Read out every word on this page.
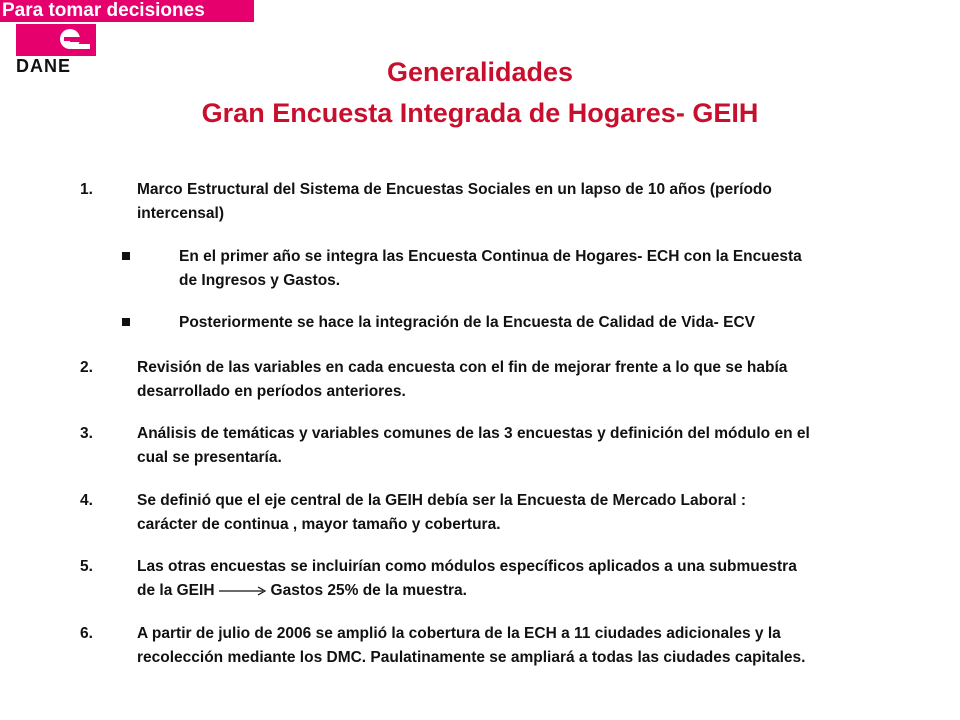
Para tomar decisiones
DANE	Generalidades
Gran Encuesta Integrada de Hogares- GEIH
1.	Marco Estructural del Sistema de Encuestas Sociales en un lapso de 10 años (período
intercensal)
En el primer año se integra las Encuesta Continua de Hogares- ECH con la Encuesta
de Ingresos y Gastos.
Posteriormente se hace la integración de la Encuesta de Calidad de Vida- ECV
2.	Revisión de las variables en cada encuesta con el fin de mejorar frente a lo que se había
desarrollado en períodos anteriores.
3.	Análisis de temáticas y variables comunes de las 3 encuestas y definición del módulo en el
cual se presentaría.
4.	Se definió que el eje central de la GEIH debía ser la Encuesta de Mercado Laboral :
carácter de continua , mayor tamaño y cobertura.
5.	Las otras encuestas se incluirían como módulos específicos aplicados a una submuestra
de la GEIH	Gastos 25% de la muestra.
6.	A partir de julio de 2006 se amplió la cobertura de la ECH a 11 ciudades adicionales y la
recolección mediante los DMC. Paulatinamente se ampliará a todas las ciudades capitales.
